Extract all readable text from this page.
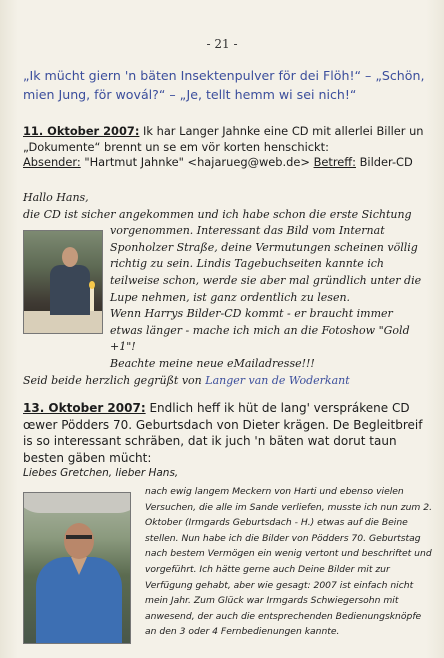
- 21 -
„Ik mücht giern 'n bäten Insektenpulver för dei Flöh!“ – „Schön, mien Jung, för wovál?“ – „Je, tellt hemm wi sei nich!“
11. Oktober 2007: Ik har Langer Jahnke eine CD mit allerlei Biller un „Dokumente“ brennt un se em vör korten henschickt:
Absender: "Hartmut Jahnke" <hajarueg@web.de> Betreff: Bilder-CD
Hallo Hans,
die CD ist sicher angekommen und ich habe schon die erste Sichtung
vorgenommen. Interessant das Bild vom Internat Sponholzer Straße, deine Vermutungen scheinen völlig richtig zu sein. Lindis Tagebuchseiten kannte ich teilweise schon, werde sie aber mal gründlich unter die Lupe nehmen, ist ganz ordentlich zu lesen.
Wenn Harrys Bilder-CD kommt - er braucht immer etwas länger - mache ich mich an die Fotoshow "Gold +1"!
Beachte meine neue eMailadresse!!!
Seid beide herzlich gegrüßt von Langer van de Woderkant
13. Oktober 2007: Endlich heff ik hüt de lang' versprákene CD œwer Pödders 70. Geburtsdach von Dieter krägen. De Begleitbreif is so interessant schräben, dat ik juch 'n bäten wat dorut taun besten gäben mücht:
Liebes Gretchen, lieber Hans,
nach ewig langem Meckern von Harti und ebenso vielen Versuchen, die alle im Sande verliefen, musste ich nun zum 2. Oktober (Irmgards Geburtsdach - H.) etwas auf die Beine stellen. Nun habe ich die Bilder von Pödders 70. Geburtstag nach bestem Vermögen ein wenig vertont und beschriftet und vorgeführt. Ich hätte gerne auch Deine Bilder mit zur Verfügung gehabt, aber wie gesagt: 2007 ist einfach nicht mein Jahr. Zum Glück war Irmgards Schwiegersohn mit anwesend, der auch die entsprechenden Bedienungsknöpfe an den 3 oder 4 Fernbedienungen kannte.
